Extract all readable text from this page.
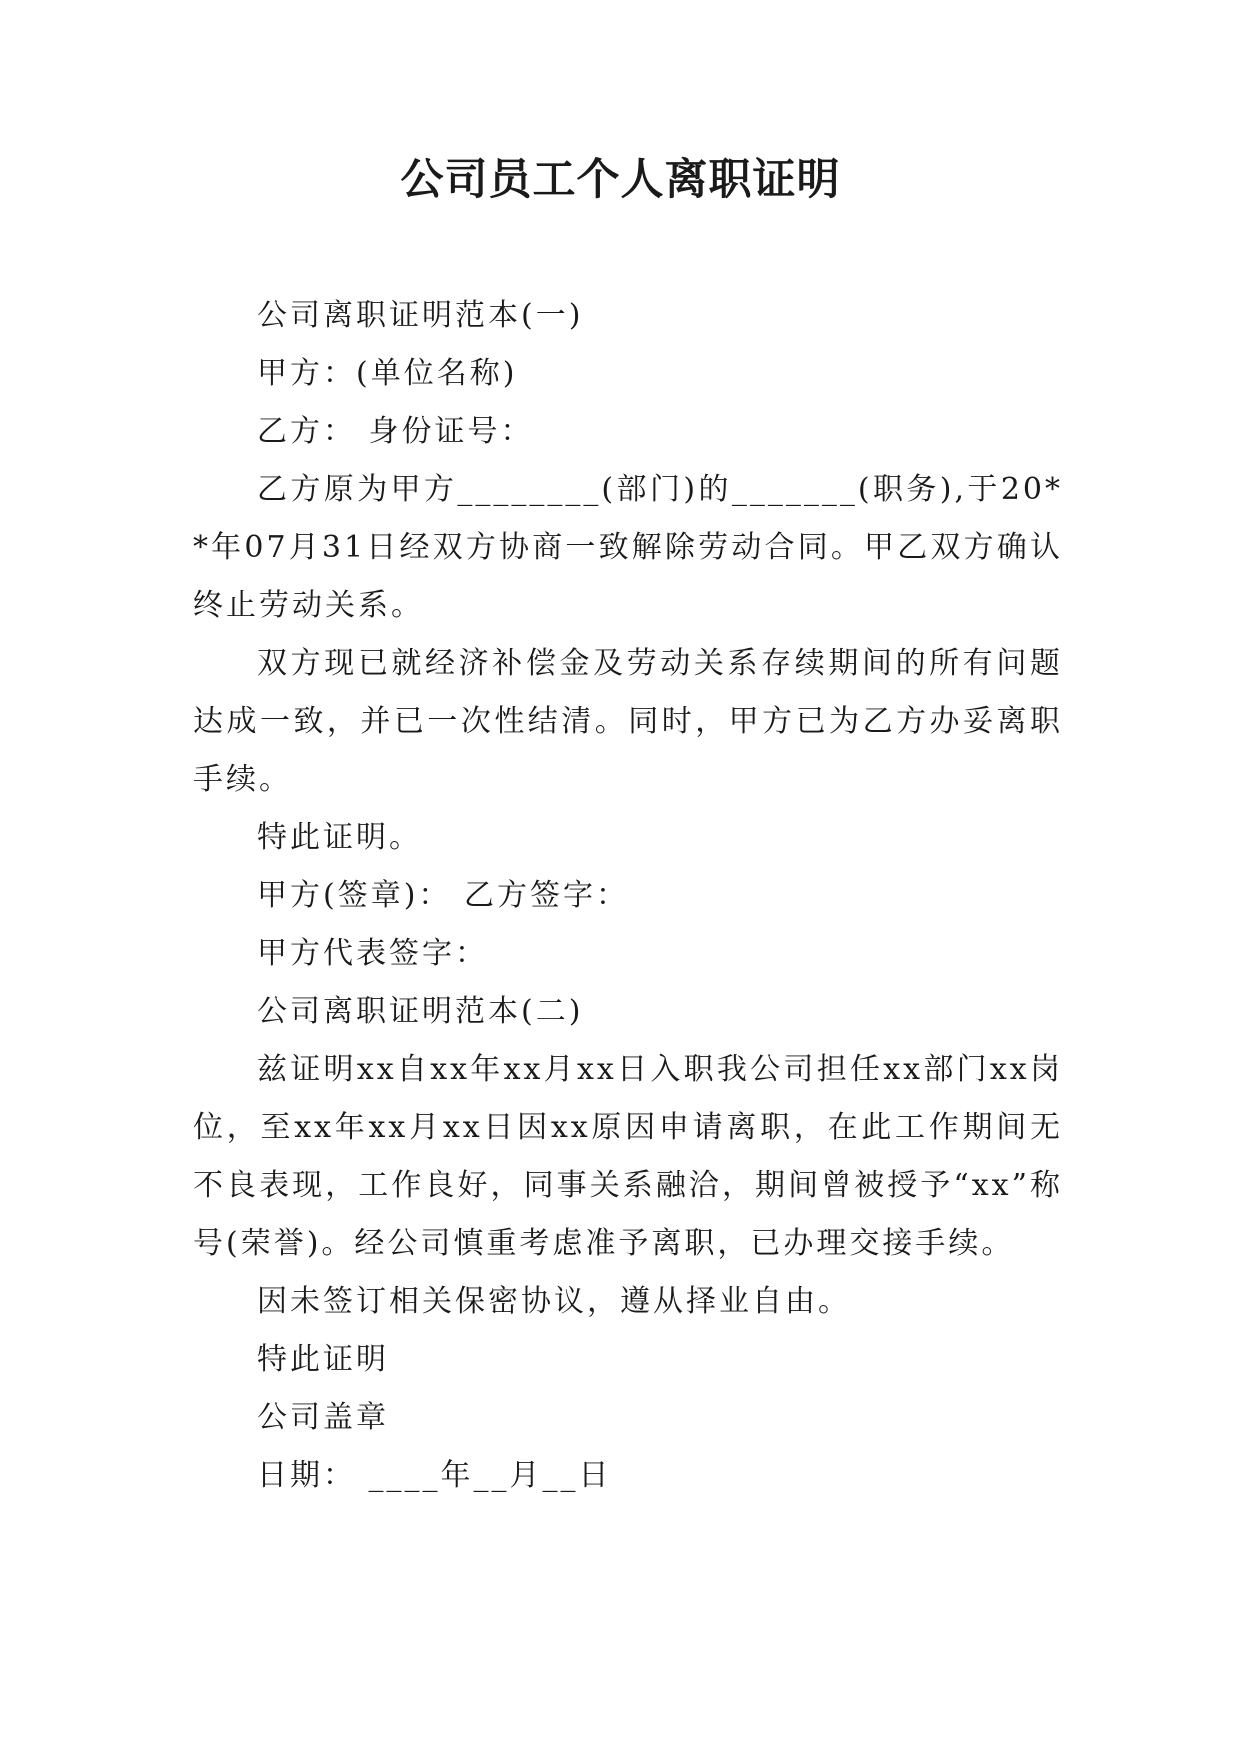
公司员工个人离职证明

公司离职证明范本(一)

甲方：(单位名称)

乙方： 身份证号：

乙方原为甲方________(部门)的_______(职务),于20**年07月31日经双方协商一致解除劳动合同。甲乙双方确认终止劳动关系。

双方现已就经济补偿金及劳动关系存续期间的所有问题达成一致，并已一次性结清。同时，甲方已为乙方办妥离职手续。

特此证明。

甲方(签章)： 乙方签字：

甲方代表签字：

公司离职证明范本(二)

兹证明xx自xx年xx月xx日入职我公司担任xx部门xx岗位，至xx年xx月xx日因xx原因申请离职，在此工作期间无不良表现，工作良好，同事关系融洽，期间曾被授予“xx”称号(荣誉)。经公司慎重考虑准予离职，已办理交接手续。

因未签订相关保密协议，遵从择业自由。

特此证明

公司盖章

日期： ____年__月__日
